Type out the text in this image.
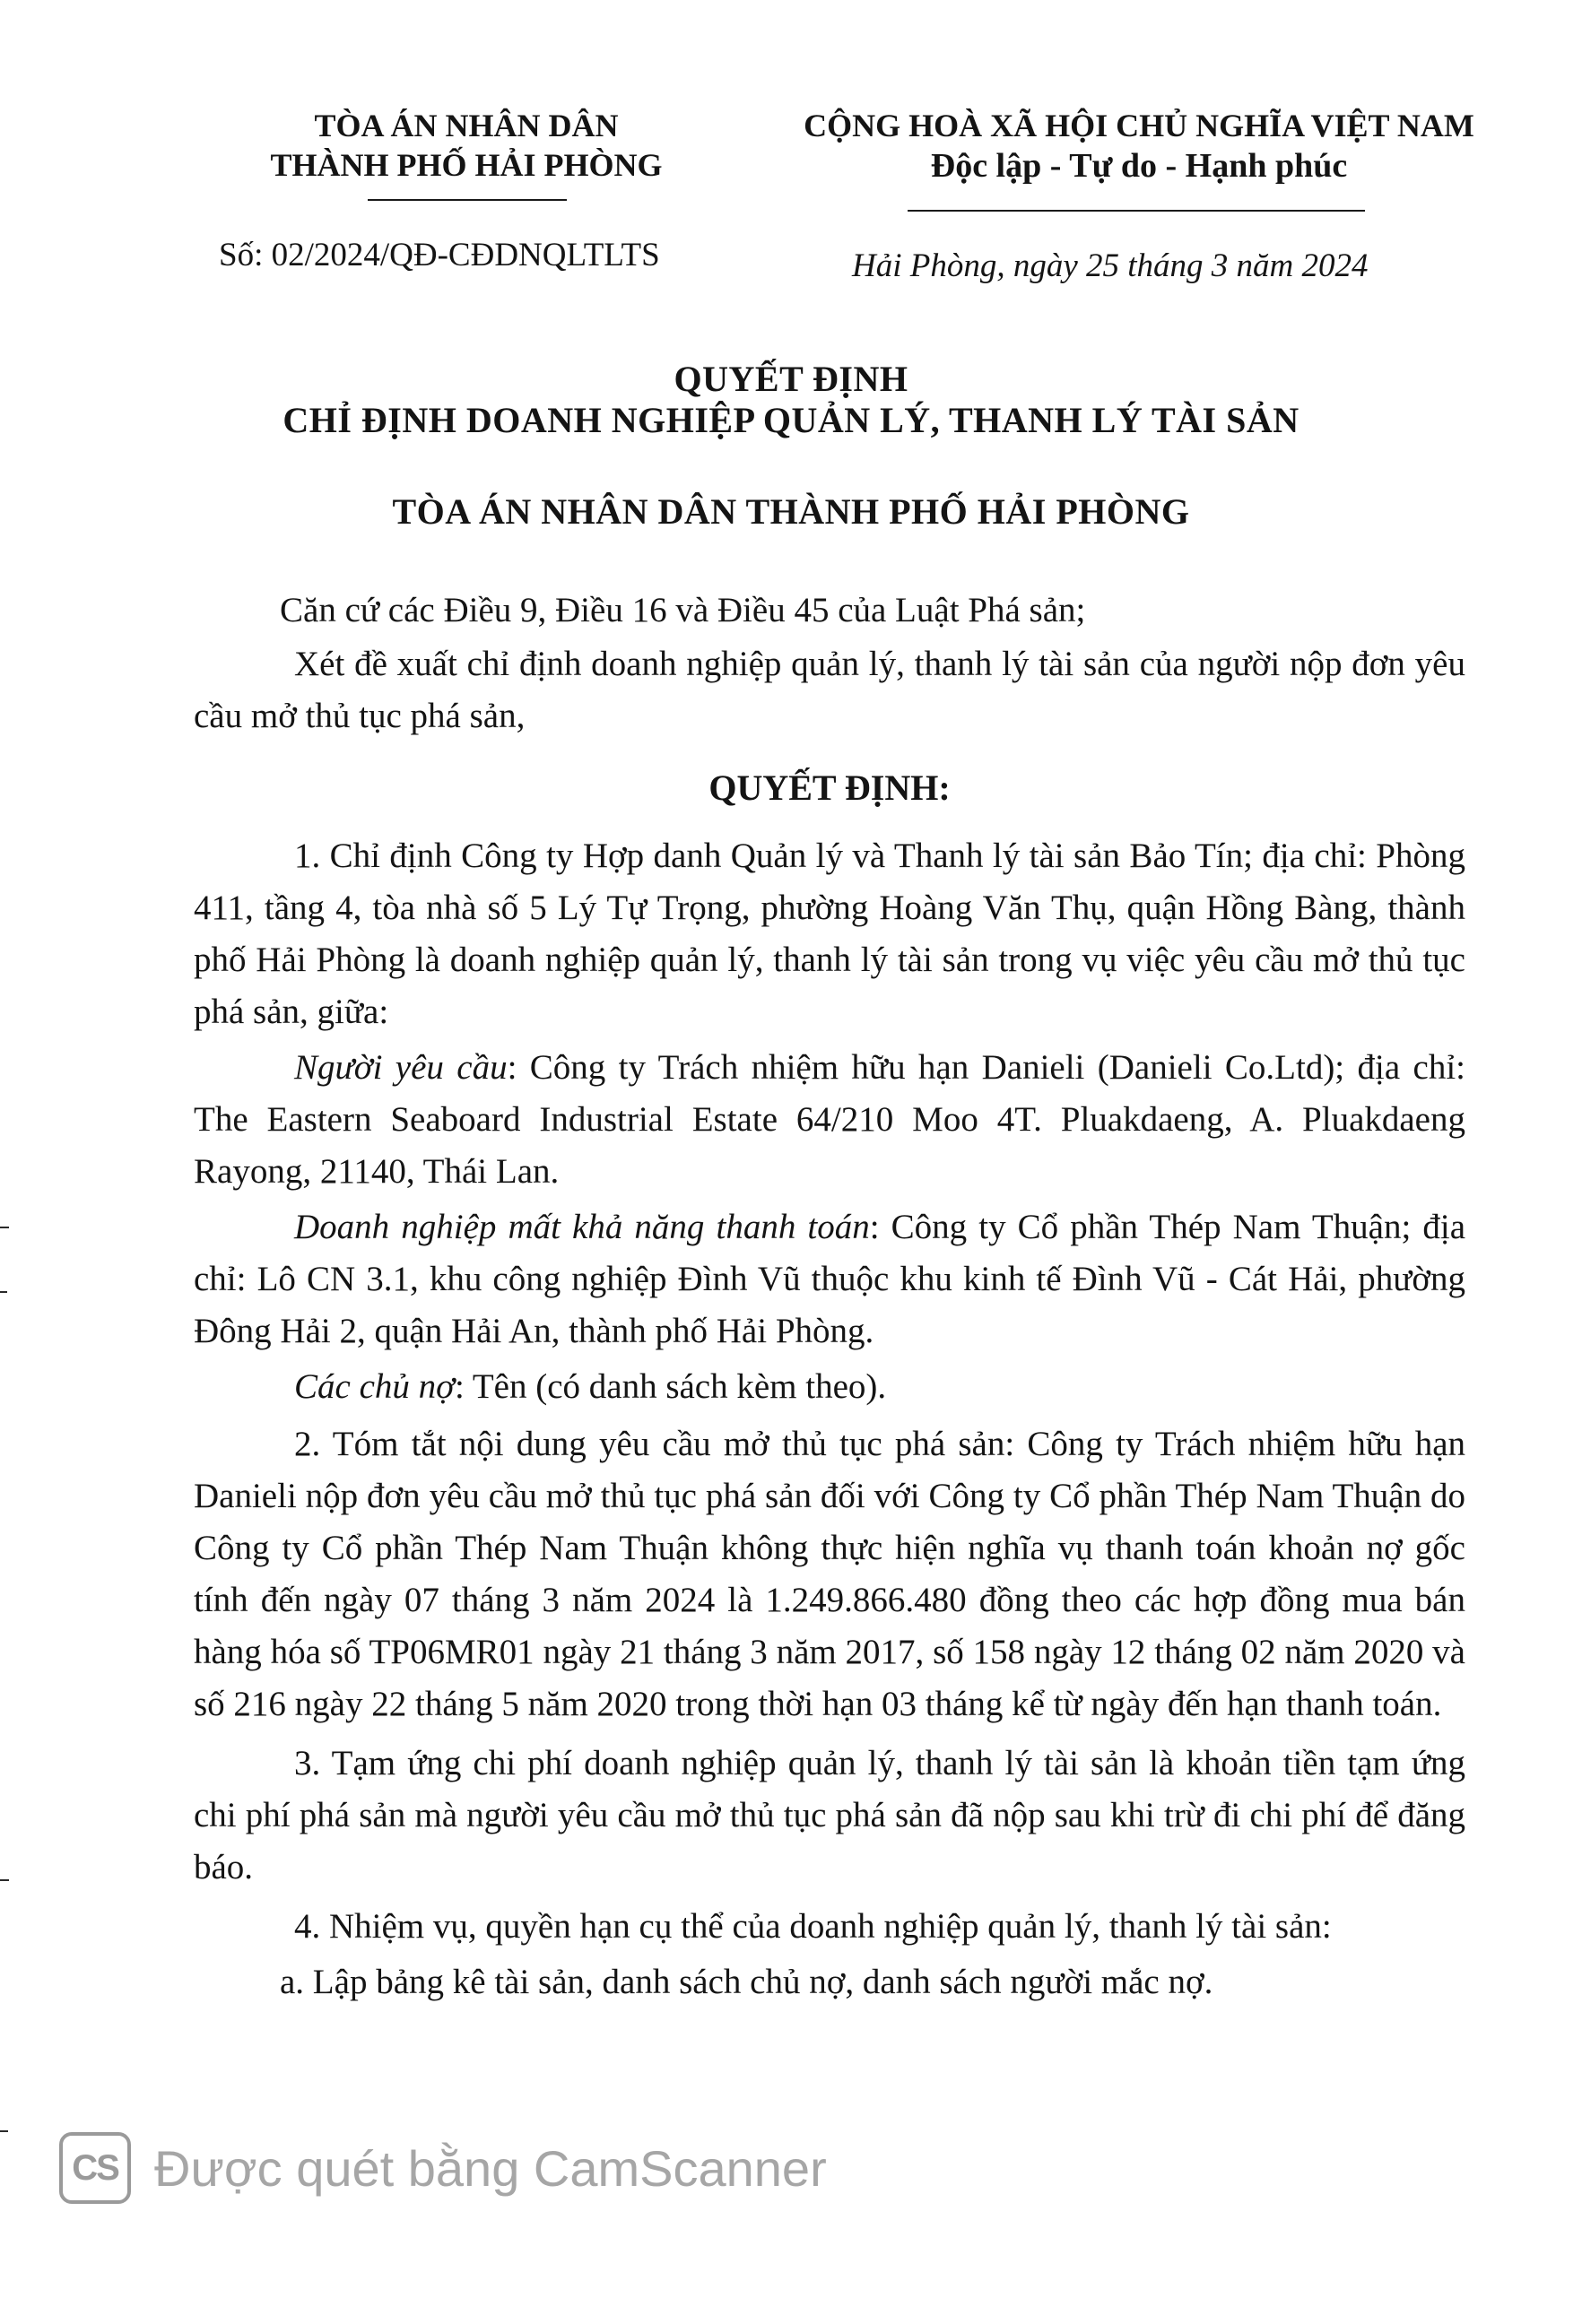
TÒA ÁN NHÂN DÂN
THÀNH PHỐ HẢI PHÒNG
CỘNG HOÀ XÃ HỘI CHỦ NGHĨA VIỆT NAM
Độc lập - Tự do - Hạnh phúc
Số: 02/2024/QĐ-CĐDNQLTLTS	Hải Phòng, ngày 25 tháng 3 năm 2024
QUYẾT ĐỊNH
CHỈ ĐỊNH DOANH NGHIỆP QUẢN LÝ, THANH LÝ TÀI SẢN
TÒA ÁN NHÂN DÂN THÀNH PHỐ HẢI PHÒNG

Căn cứ các Điều 9, Điều 16 và Điều 45 của Luật Phá sản;

Xét đề xuất chỉ định doanh nghiệp quản lý, thanh lý tài sản của người nộp đơn yêu cầu mở thủ tục phá sản,

QUYẾT ĐỊNH:

1. Chỉ định Công ty Hợp danh Quản lý và Thanh lý tài sản Bảo Tín; địa chỉ: Phòng 411, tầng 4, tòa nhà số 5 Lý Tự Trọng, phường Hoàng Văn Thụ, quận Hồng Bàng, thành phố Hải Phòng là doanh nghiệp quản lý, thanh lý tài sản trong vụ việc yêu cầu mở thủ tục phá sản, giữa:

Người yêu cầu: Công ty Trách nhiệm hữu hạn Danieli (Danieli Co.Ltd); địa chỉ: The Eastern Seaboard Industrial Estate 64/210 Moo 4T. Pluakdaeng, A. Pluakdaeng Rayong, 21140, Thái Lan.

Doanh nghiệp mất khả năng thanh toán: Công ty Cổ phần Thép Nam Thuận; địa chỉ: Lô CN 3.1, khu công nghiệp Đình Vũ thuộc khu kinh tế Đình Vũ - Cát Hải, phường Đông Hải 2, quận Hải An, thành phố Hải Phòng.

Các chủ nợ: Tên (có danh sách kèm theo).

2. Tóm tắt nội dung yêu cầu mở thủ tục phá sản: Công ty Trách nhiệm hữu hạn Danieli nộp đơn yêu cầu mở thủ tục phá sản đối với Công ty Cổ phần Thép Nam Thuận do Công ty Cổ phần Thép Nam Thuận không thực hiện nghĩa vụ thanh toán khoản nợ gốc tính đến ngày 07 tháng 3 năm 2024 là 1.249.866.480 đồng theo các hợp đồng mua bán hàng hóa số TP06MR01 ngày 21 tháng 3 năm 2017, số 158 ngày 12 tháng 02 năm 2020 và số 216 ngày 22 tháng 5 năm 2020 trong thời hạn 03 tháng kể từ ngày đến hạn thanh toán.

3. Tạm ứng chi phí doanh nghiệp quản lý, thanh lý tài sản là khoản tiền tạm ứng chi phí phá sản mà người yêu cầu mở thủ tục phá sản đã nộp sau khi trừ đi chi phí để đăng báo.

4. Nhiệm vụ, quyền hạn cụ thể của doanh nghiệp quản lý, thanh lý tài sản:

a. Lập bảng kê tài sản, danh sách chủ nợ, danh sách người mắc nợ.

CS Được quét bằng CamScanner
